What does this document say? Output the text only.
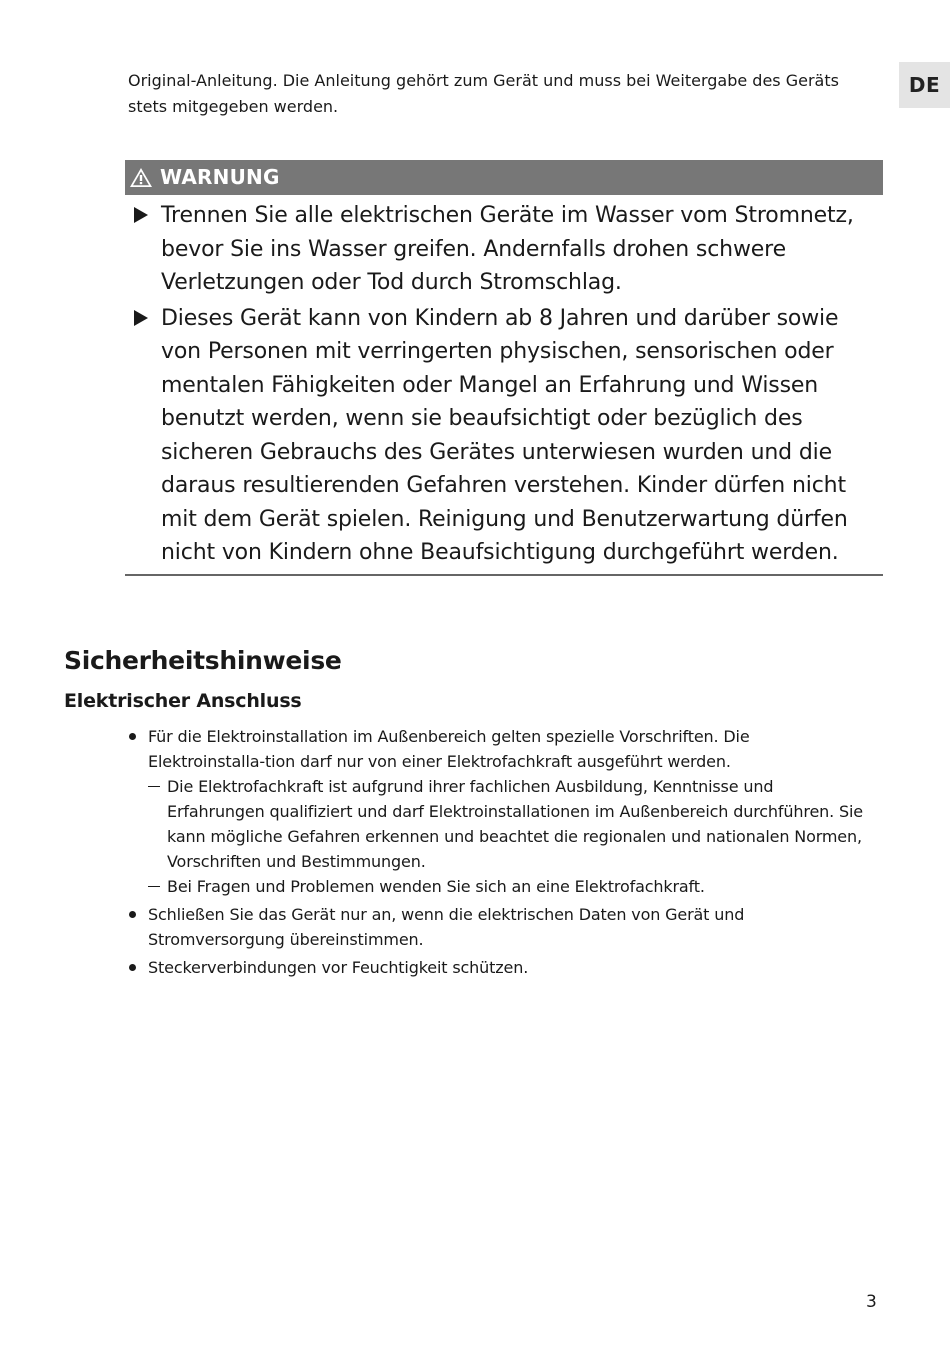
DE

Original-Anleitung. Die Anleitung gehört zum Gerät und muss bei Weitergabe des Geräts stets mitgegeben werden.

WARNUNG
Trennen Sie alle elektrischen Geräte im Wasser vom Stromnetz, bevor Sie ins Wasser greifen. Andernfalls drohen schwere Verletzungen oder Tod durch Stromschlag.
Dieses Gerät kann von Kindern ab 8 Jahren und darüber sowie von Personen mit verringerten physischen, sensorischen oder mentalen Fähigkeiten oder Mangel an Erfahrung und Wissen benutzt werden, wenn sie beaufsichtigt oder bezüglich des sicheren Gebrauchs des Gerätes unterwiesen wurden und die daraus resultierenden Gefahren verstehen. Kinder dürfen nicht mit dem Gerät spielen. Reinigung und Benutzerwartung dürfen nicht von Kindern ohne Beaufsichtigung durchgeführt werden.
Sicherheitshinweise
Elektrischer Anschluss
Für die Elektroinstallation im Außenbereich gelten spezielle Vorschriften. Die Elektroinstalla-tion darf nur von einer Elektrofachkraft ausgeführt werden.
Die Elektrofachkraft ist aufgrund ihrer fachlichen Ausbildung, Kenntnisse und Erfahrungen qualifiziert und darf Elektroinstallationen im Außenbereich durchführen. Sie kann mögliche Gefahren erkennen und beachtet die regionalen und nationalen Normen, Vorschriften und Bestimmungen.
Bei Fragen und Problemen wenden Sie sich an eine Elektrofachkraft.
Schließen Sie das Gerät nur an, wenn die elektrischen Daten von Gerät und Stromversorgung übereinstimmen.
Steckerverbindungen vor Feuchtigkeit schützen.
3
